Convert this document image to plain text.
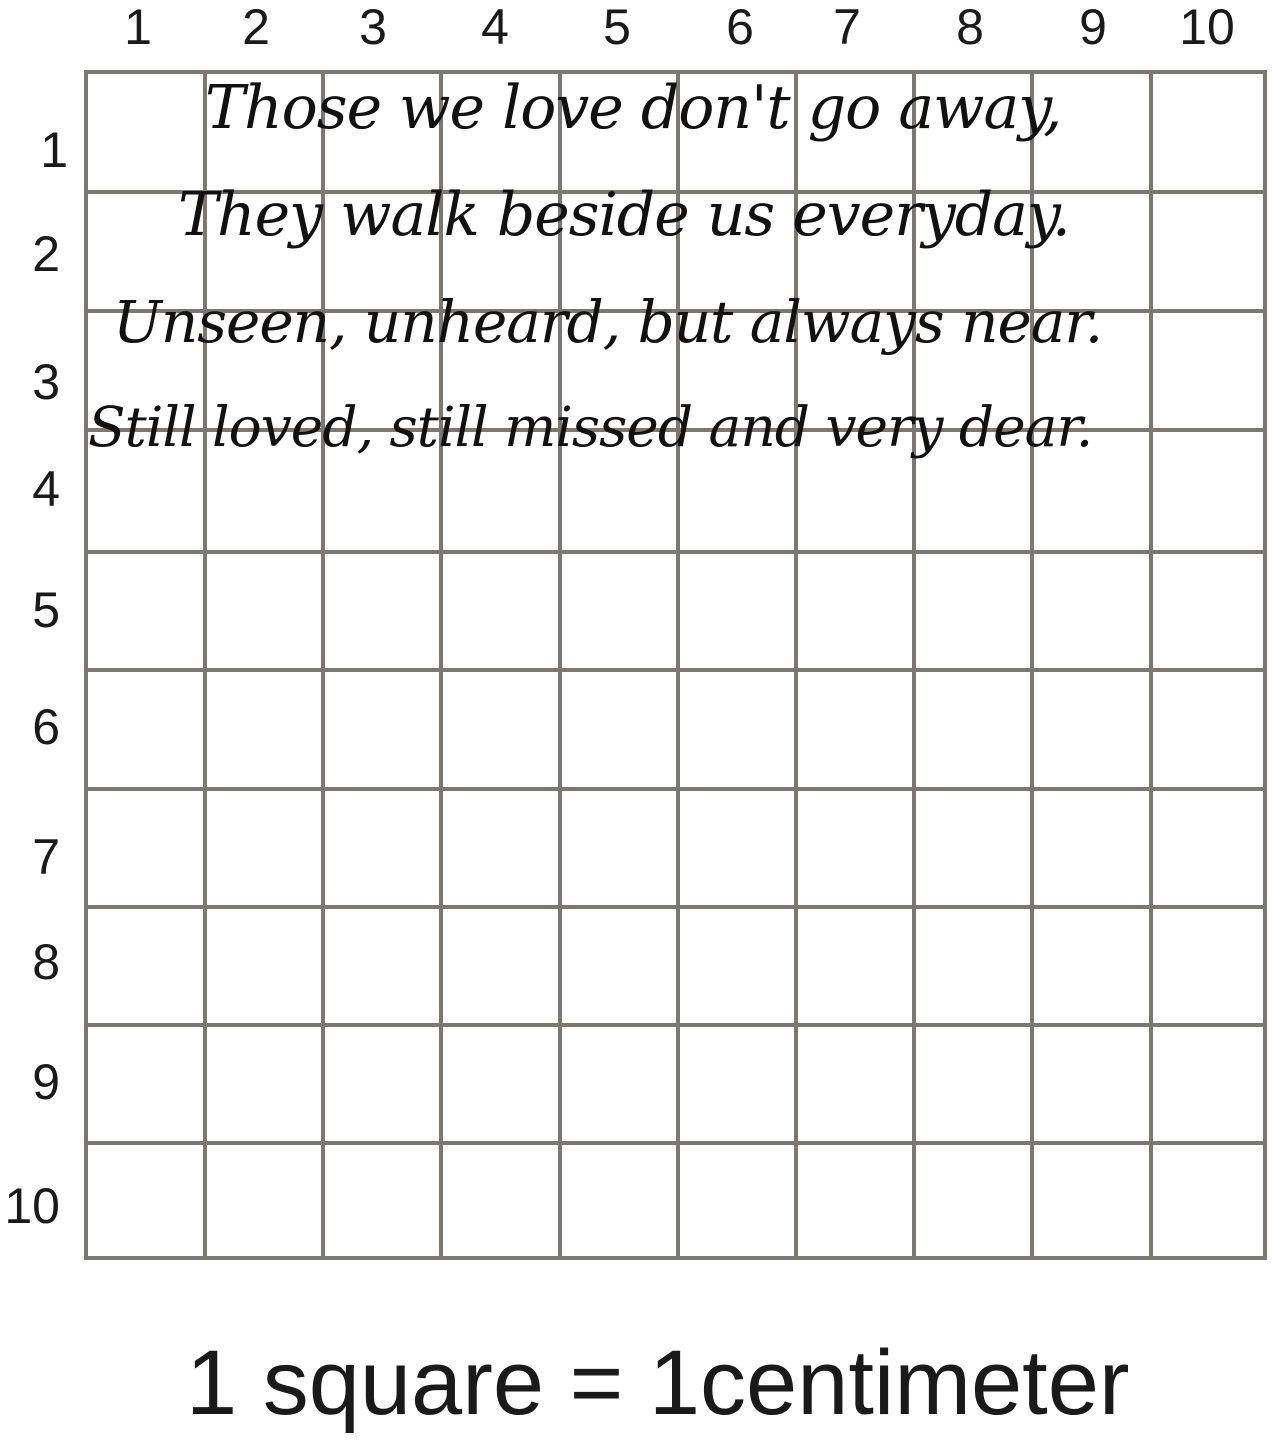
1 2 3 4 5 6 7 8 9 10
1
2
3
4
5
6
7
8
9
10
Those we love don't go away,
They walk beside us everyday.
Unseen, unheard, but always near.
Still loved, still missed and very dear.
1 square = 1centimeter
